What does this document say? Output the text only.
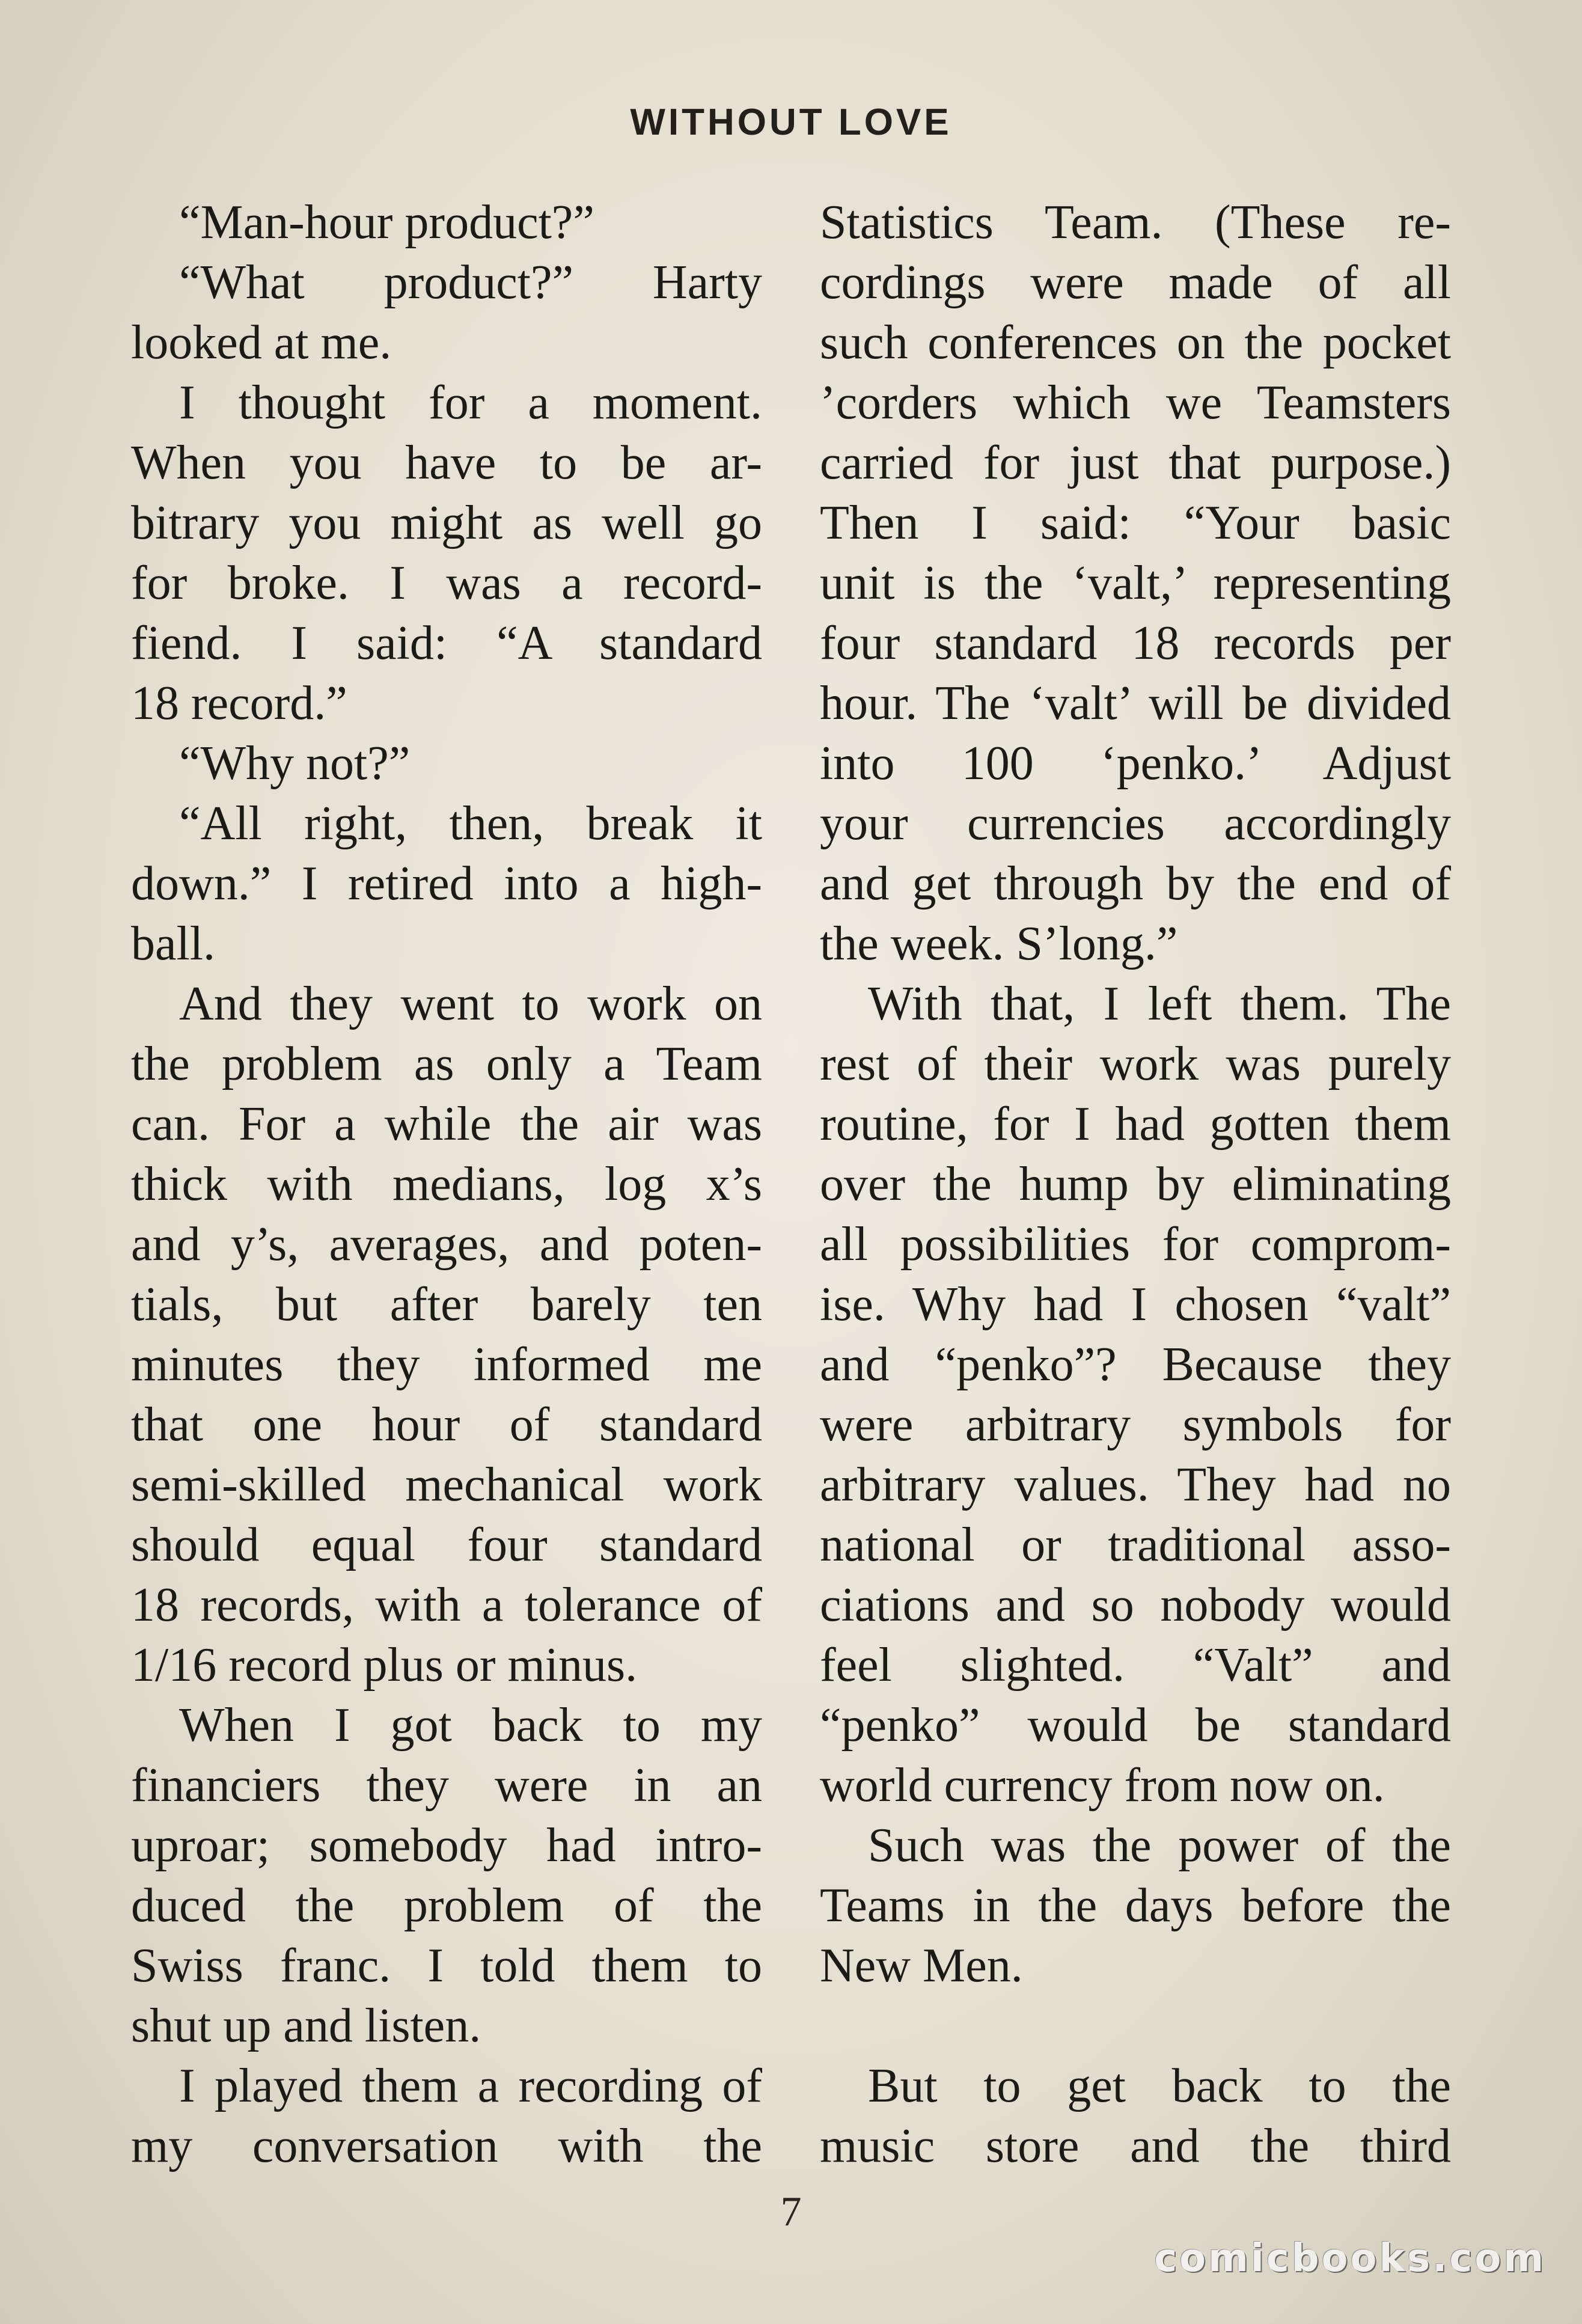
WITHOUT LOVE
“Man-hour product?”
“What product?” Harty
looked at me.
I thought for a moment.
When you have to be ar-
bitrary you might as well go
for broke. I was a record-
fiend. I said: “A standard
18 record.”
“Why not?”
“All right, then, break it
down.” I retired into a high-
ball.
And they went to work on
the problem as only a Team
can. For a while the air was
thick with medians, log x’s
and y’s, averages, and poten-
tials, but after barely ten
minutes they informed me
that one hour of standard
semi-skilled mechanical work
should equal four standard
18 records, with a tolerance of
1/16 record plus or minus.
When I got back to my
financiers they were in an
uproar; somebody had intro-
duced the problem of the
Swiss franc. I told them to
shut up and listen.
I played them a recording of
my conversation with the
Statistics Team. (These re-
cordings were made of all
such conferences on the pocket
’corders which we Teamsters
carried for just that purpose.)
Then I said: “Your basic
unit is the ‘valt,’ representing
four standard 18 records per
hour. The ‘valt’ will be divided
into 100 ‘penko.’ Adjust
your currencies accordingly
and get through by the end of
the week. S’long.”
With that, I left them. The
rest of their work was purely
routine, for I had gotten them
over the hump by eliminating
all possibilities for comprom-
ise. Why had I chosen “valt”
and “penko”? Because they
were arbitrary symbols for
arbitrary values. They had no
national or traditional asso-
ciations and so nobody would
feel slighted. “Valt” and
“penko” would be standard
world currency from now on.
Such was the power of the
Teams in the days before the
New Men.
But to get back to the
music store and the third
7
comicbooks.com
